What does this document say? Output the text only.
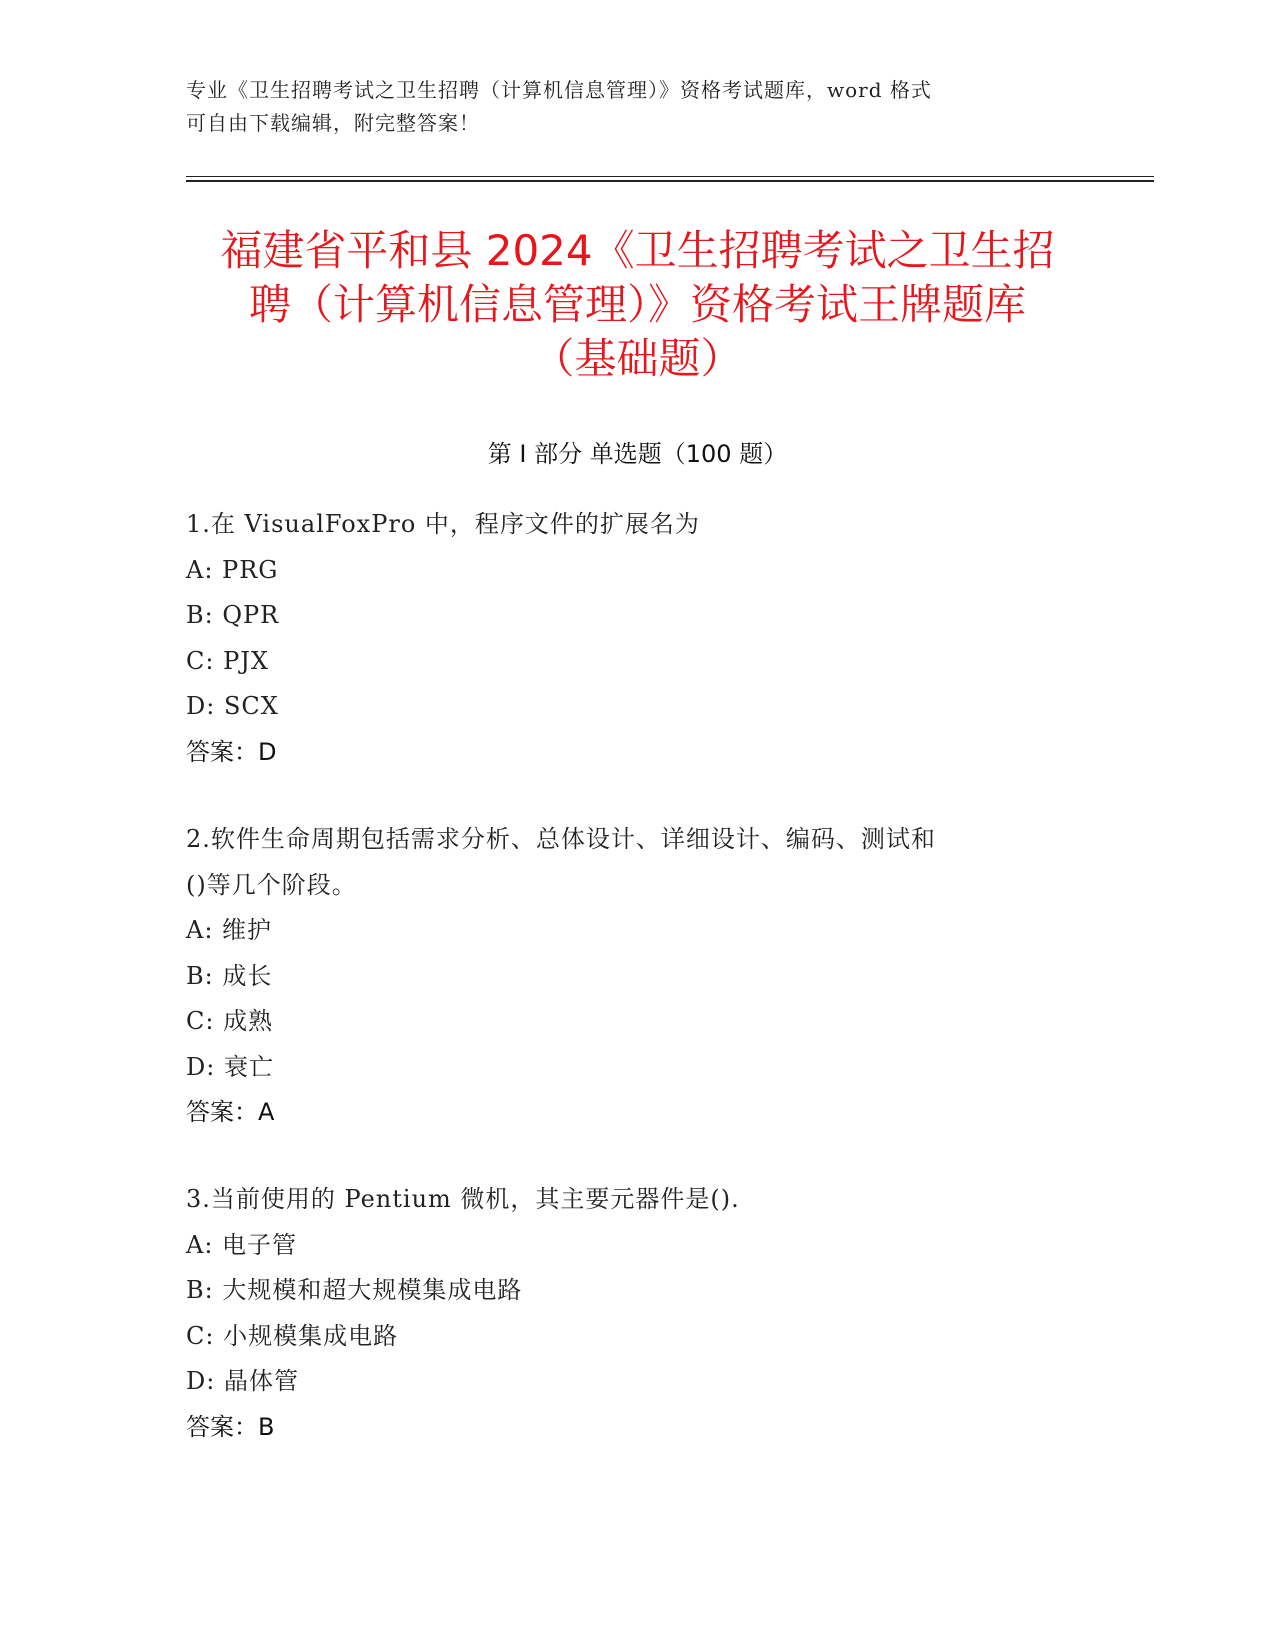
专业《卫生招聘考试之卫生招聘（计算机信息管理）》资格考试题库，word 格式
可自由下载编辑，附完整答案！
福建省平和县 2024《卫生招聘考试之卫生招
聘（计算机信息管理）》资格考试王牌题库
（基础题）
第 I 部分 单选题（100 题）
1.在 VisualFoxPro 中，程序文件的扩展名为
A: PRG
B: QPR
C: PJX
D: SCX
答案：D
2.软件生命周期包括需求分析、总体设计、详细设计、编码、测试和
()等几个阶段。
A: 维护
B: 成长
C: 成熟
D: 衰亡
答案：A
3.当前使用的 Pentium 微机，其主要元器件是().
A: 电子管
B: 大规模和超大规模集成电路
C: 小规模集成电路
D: 晶体管
答案：B
